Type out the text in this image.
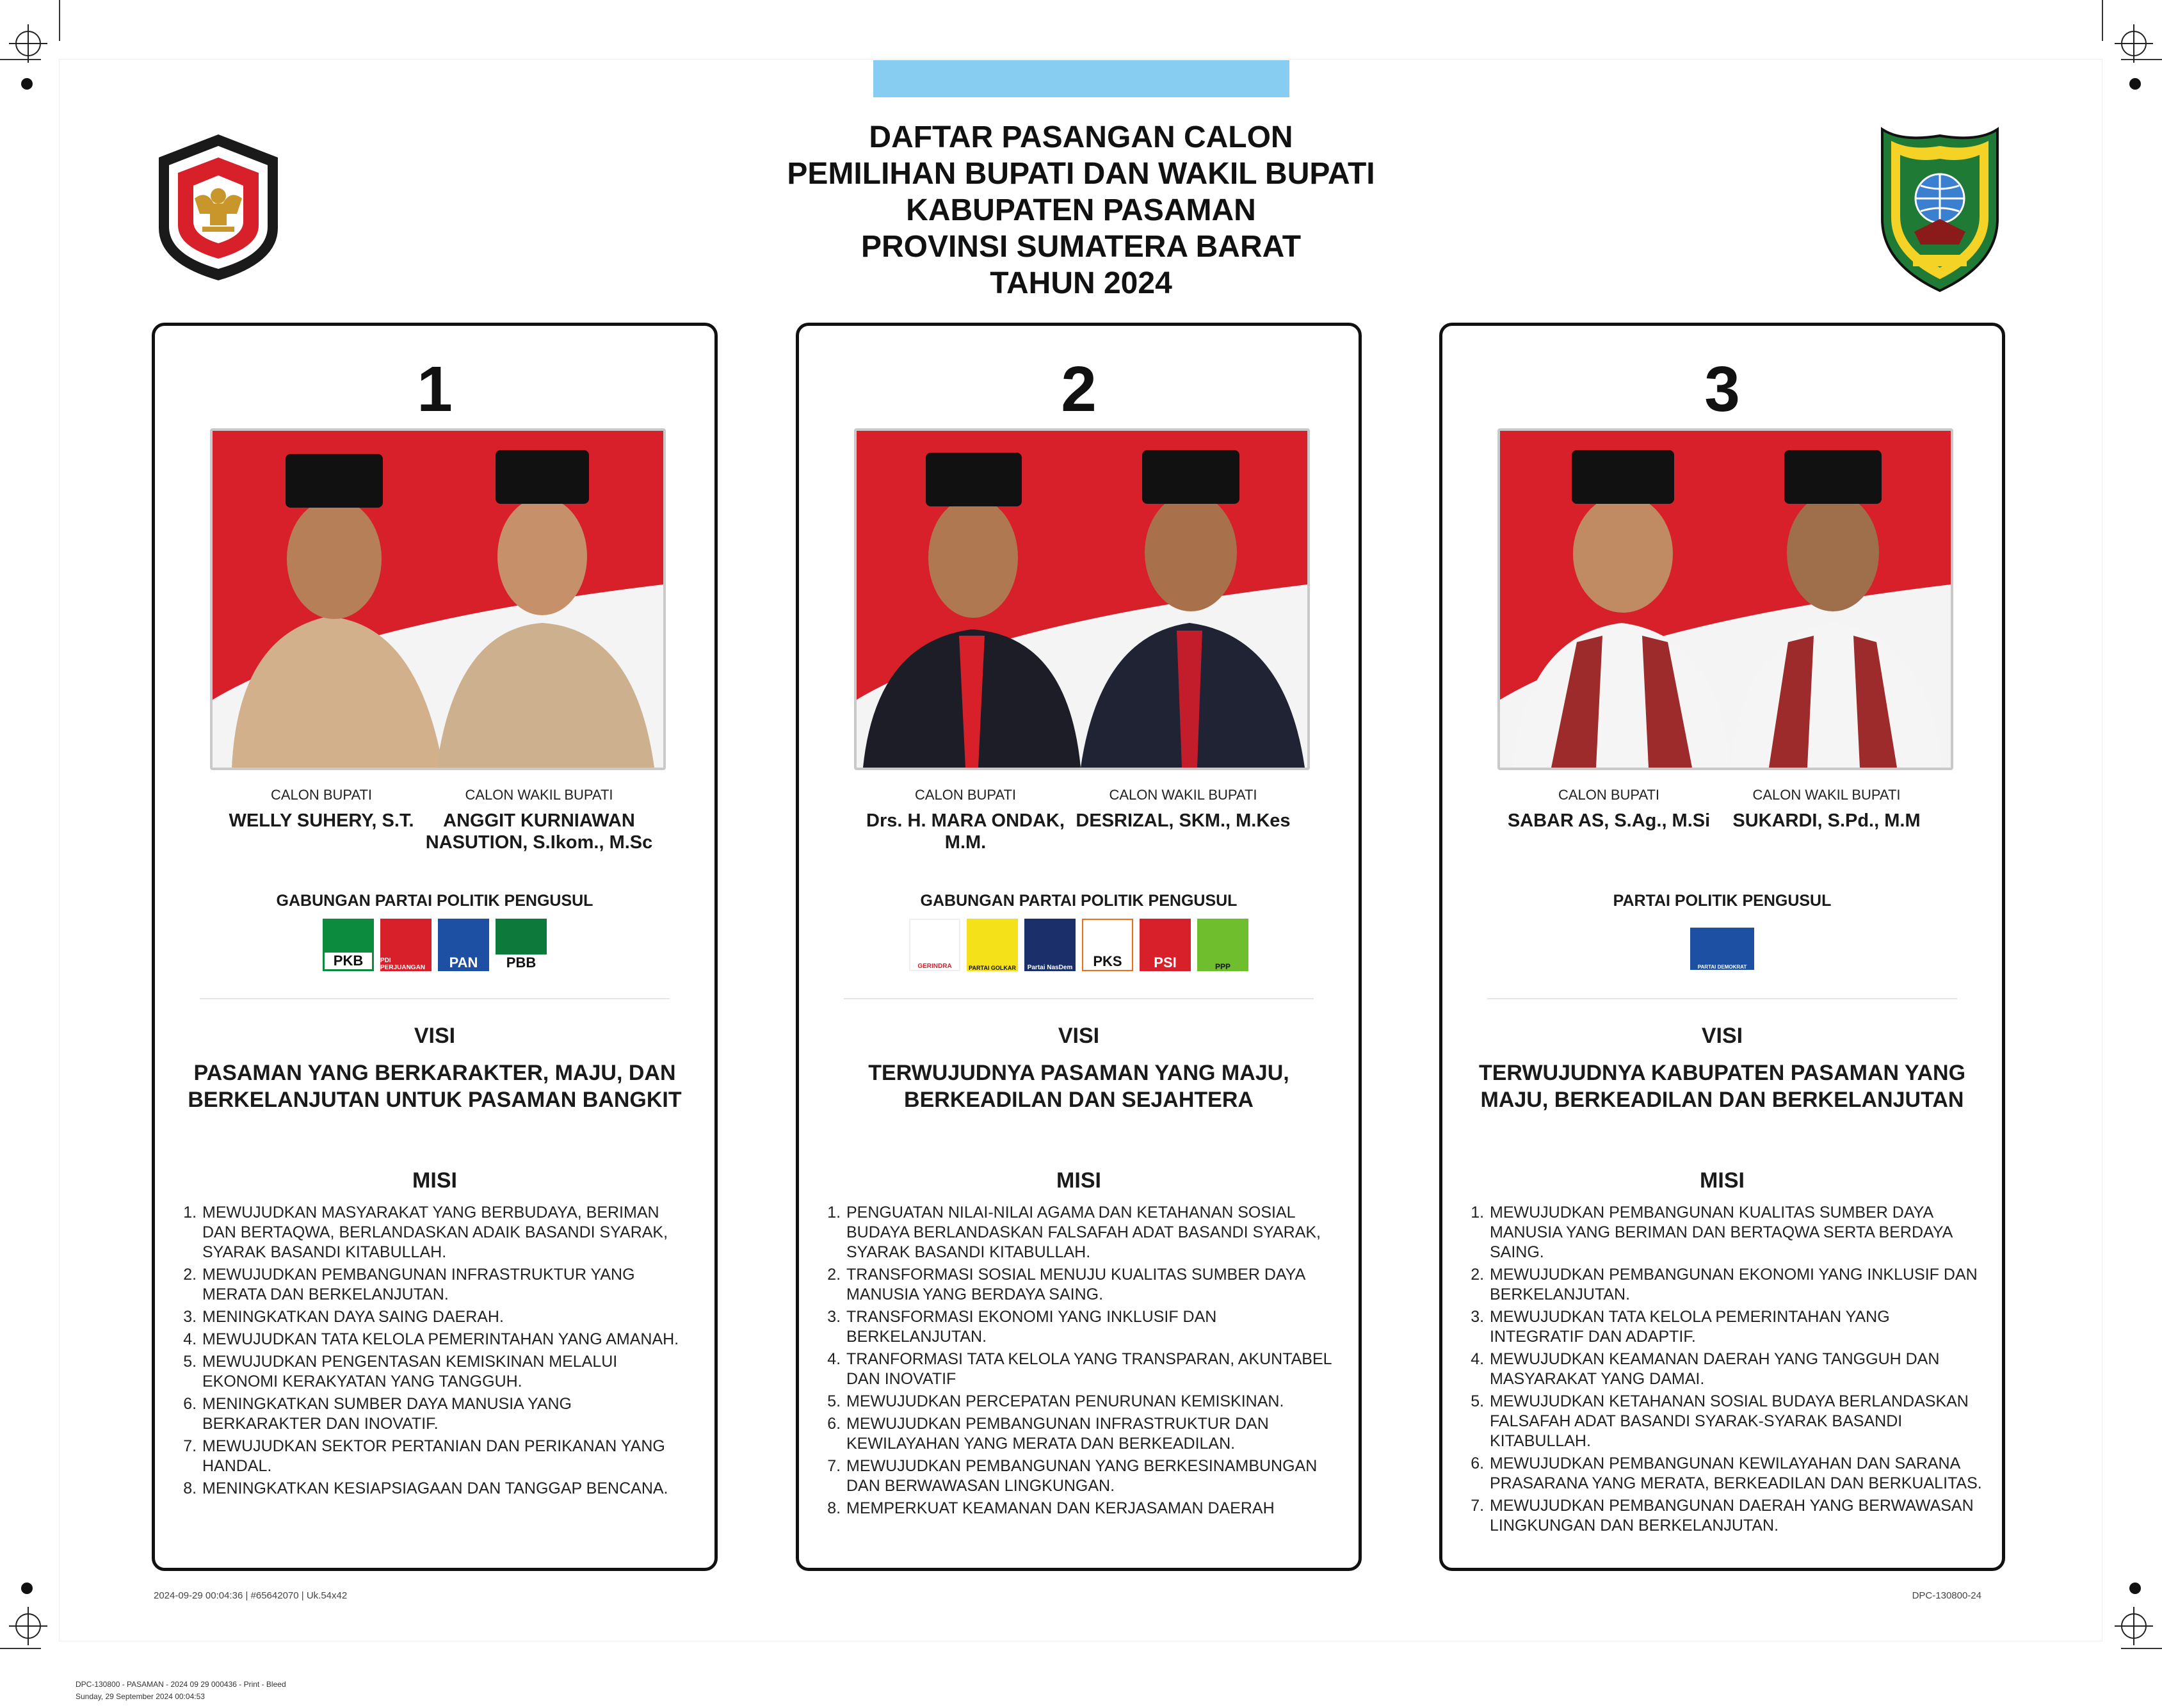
DAFTAR PASANGAN CALON
PEMILIHAN BUPATI DAN WAKIL BUPATI
KABUPATEN PASAMAN
PROVINSI SUMATERA BARAT
TAHUN 2024
1
CALON BUPATI
WELLY SUHERY, S.T.
CALON WAKIL BUPATI
ANGGIT KURNIAWAN NASUTION, S.Ikom., M.Sc
GABUNGAN PARTAI POLITIK PENGUSUL
PKB	PDI PERJUANGAN	PAN	PBB
VISI
PASAMAN YANG BERKARAKTER, MAJU, DAN BERKELANJUTAN UNTUK PASAMAN BANGKIT
MISI
1. MEWUJUDKAN MASYARAKAT YANG BERBUDAYA, BERIMAN DAN BERTAQWA, BERLANDASKAN ADAIK BASANDI SYARAK, SYARAK BASANDI KITABULLAH.
2. MEWUJUDKAN PEMBANGUNAN INFRASTRUKTUR YANG MERATA DAN BERKELANJUTAN.
3. MENINGKATKAN DAYA SAING DAERAH.
4. MEWUJUDKAN TATA KELOLA PEMERINTAHAN YANG AMANAH.
5. MEWUJUDKAN PENGENTASAN KEMISKINAN MELALUI EKONOMI KERAKYATAN YANG TANGGUH.
6. MENINGKATKAN SUMBER DAYA MANUSIA YANG BERKARAKTER DAN INOVATIF.
7. MEWUJUDKAN SEKTOR PERTANIAN DAN PERIKANAN YANG HANDAL.
8. MENINGKATKAN KESIAPSIAGAAN DAN TANGGAP BENCANA.
2
CALON BUPATI
Drs. H. MARA ONDAK, M.M.
CALON WAKIL BUPATI
DESRIZAL, SKM., M.Kes
GABUNGAN PARTAI POLITIK PENGUSUL
GERINDRA	PARTAI GOLKAR Partai NasDem PKS PSI	PPP
VISI
TERWUJUDNYA PASAMAN YANG MAJU, BERKEADILAN DAN SEJAHTERA
MISI
1. PENGUATAN NILAI-NILAI AGAMA DAN KETAHANAN SOSIAL BUDAYA BERLANDASKAN FALSAFAH ADAT BASANDI SYARAK, SYARAK BASANDI KITABULLAH.
2. TRANSFORMASI SOSIAL MENUJU KUALITAS SUMBER DAYA MANUSIA YANG BERDAYA SAING.
3. TRANSFORMASI EKONOMI YANG INKLUSIF DAN BERKELANJUTAN.
4. TRANFORMASI TATA KELOLA YANG TRANSPARAN, AKUNTABEL DAN INOVATIF
5. MEWUJUDKAN PERCEPATAN PENURUNAN KEMISKINAN.
6. MEWUJUDKAN PEMBANGUNAN INFRASTRUKTUR DAN KEWILAYAHAN YANG MERATA DAN BERKEADILAN.
7. MEWUJUDKAN PEMBANGUNAN YANG BERKESINAMBUNGAN DAN BERWAWASAN LINGKUNGAN.
8. MEMPERKUAT KEAMANAN DAN KERJASAMAN DAERAH
3
CALON BUPATI
SABAR AS, S.Ag., M.Si
CALON WAKIL BUPATI
SUKARDI, S.Pd., M.M
PARTAI POLITIK PENGUSUL
PARTAI DEMOKRAT
VISI
TERWUJUDNYA KABUPATEN PASAMAN YANG MAJU, BERKEADILAN DAN BERKELANJUTAN
MISI
1. MEWUJUDKAN PEMBANGUNAN KUALITAS SUMBER DAYA MANUSIA YANG BERIMAN DAN BERTAQWA SERTA BERDAYA SAING.
2. MEWUJUDKAN PEMBANGUNAN EKONOMI YANG INKLUSIF DAN BERKELANJUTAN.
3. MEWUJUDKAN TATA KELOLA PEMERINTAHAN YANG INTEGRATIF DAN ADAPTIF.
4. MEWUJUDKAN KEAMANAN DAERAH YANG TANGGUH DAN MASYARAKAT YANG DAMAI.
5. MEWUJUDKAN KETAHANAN SOSIAL BUDAYA BERLANDASKAN FALSAFAH ADAT BASANDI SYARAK-SYARAK BASANDI KITABULLAH.
6. MEWUJUDKAN PEMBANGUNAN KEWILAYAHAN DAN SARANA PRASARANA YANG MERATA, BERKEADILAN DAN BERKUALITAS.
7. MEWUJUDKAN PEMBANGUNAN DAERAH YANG BERWAWASAN LINGKUNGAN DAN BERKELANJUTAN.
2024-09-29 00:04:36 | #65642070 | Uk.54x42	DPC-130800-24
DPC-130800 - PASAMAN - 2024 09 29 000436 - Print - Bleed
Sunday, 29 September 2024 00:04:53
